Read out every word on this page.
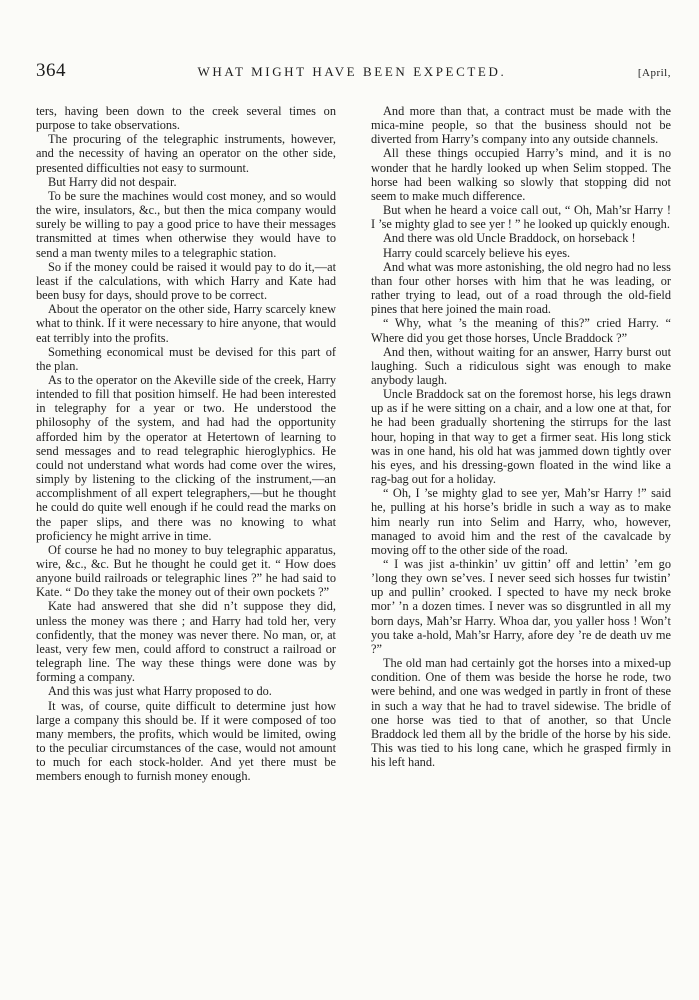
364	WHAT MIGHT HAVE BEEN EXPECTED.	[April,

ters, having been down to the creek several times on purpose to take observations.

The procuring of the telegraphic instruments, however, and the necessity of having an operator on the other side, presented difficulties not easy to surmount.

But Harry did not despair.

To be sure the machines would cost money, and so would the wire, insulators, &c., but then the mica company would surely be willing to pay a good price to have their messages transmitted at times when otherwise they would have to send a man twenty miles to a telegraphic station.

So if the money could be raised it would pay to do it,—at least if the calculations, with which Harry and Kate had been busy for days, should prove to be correct.

About the operator on the other side, Harry scarcely knew what to think. If it were necessary to hire anyone, that would eat terribly into the profits.

Something economical must be devised for this part of the plan.

As to the operator on the Akeville side of the creek, Harry intended to fill that position himself. He had been interested in telegraphy for a year or two. He understood the philosophy of the system, and had had the opportunity afforded him by the operator at Hetertown of learning to send messages and to read telegraphic hieroglyphics. He could not understand what words had come over the wires, simply by listening to the clicking of the instrument,—an accomplishment of all expert telegraphers,—but he thought he could do quite well enough if he could read the marks on the paper slips, and there was no knowing to what proficiency he might arrive in time.

Of course he had no money to buy telegraphic apparatus, wire, &c., &c. But he thought he could get it. “ How does anyone build railroads or telegraphic lines ?” he had said to Kate. “ Do they take the money out of their own pockets ?”

Kate had answered that she did n’t suppose they did, unless the money was there ; and Harry had told her, very confidently, that the money was never there. No man, or, at least, very few men, could afford to construct a railroad or telegraph line. The way these things were done was by forming a company.

And this was just what Harry proposed to do.

It was, of course, quite difficult to determine just how large a company this should be. If it were composed of too many members, the profits, which would be limited, owing to the peculiar circumstances of the case, would not amount to much for each stock-holder. And yet there must be members enough to furnish money enough.

And more than that, a contract must be made with the mica-mine people, so that the business should not be diverted from Harry’s company into any outside channels.

All these things occupied Harry’s mind, and it is no wonder that he hardly looked up when Selim stopped. The horse had been walking so slowly that stopping did not seem to make much difference.

But when he heard a voice call out, “ Oh, Mah’sr Harry ! I ’se mighty glad to see yer ! ” he looked up quickly enough.

And there was old Uncle Braddock, on horseback !

Harry could scarcely believe his eyes.

And what was more astonishing, the old negro had no less than four other horses with him that he was leading, or rather trying to lead, out of a road through the old-field pines that here joined the main road.

“ Why, what ’s the meaning of this?” cried Harry. “ Where did you get those horses, Uncle Braddock ?”

And then, without waiting for an answer, Harry burst out laughing. Such a ridiculous sight was enough to make anybody laugh.

Uncle Braddock sat on the foremost horse, his legs drawn up as if he were sitting on a chair, and a low one at that, for he had been gradually shortening the stirrups for the last hour, hoping in that way to get a firmer seat. His long stick was in one hand, his old hat was jammed down tightly over his eyes, and his dressing-gown floated in the wind like a rag-bag out for a holiday.

“ Oh, I ’se mighty glad to see yer, Mah’sr Harry !” said he, pulling at his horse’s bridle in such a way as to make him nearly run into Selim and Harry, who, however, managed to avoid him and the rest of the cavalcade by moving off to the other side of the road.

“ I was jist a-thinkin’ uv gittin’ off and lettin’ ’em go ’long they own se’ves. I never seed sich hosses fur twistin’ up and pullin’ crooked. I spected to have my neck broke mor’ ’n a dozen times. I never was so disgruntled in all my born days, Mah’sr Harry. Whoa dar, you yaller hoss ! Won’t you take a-hold, Mah’sr Harry, afore dey ’re de death uv me ?”

The old man had certainly got the horses into a mixed-up condition. One of them was beside the horse he rode, two were behind, and one was wedged in partly in front of these in such a way that he had to travel sidewise. The bridle of one horse was tied to that of another, so that Uncle Braddock led them all by the bridle of the horse by his side. This was tied to his long cane, which he grasped firmly in his left hand.
